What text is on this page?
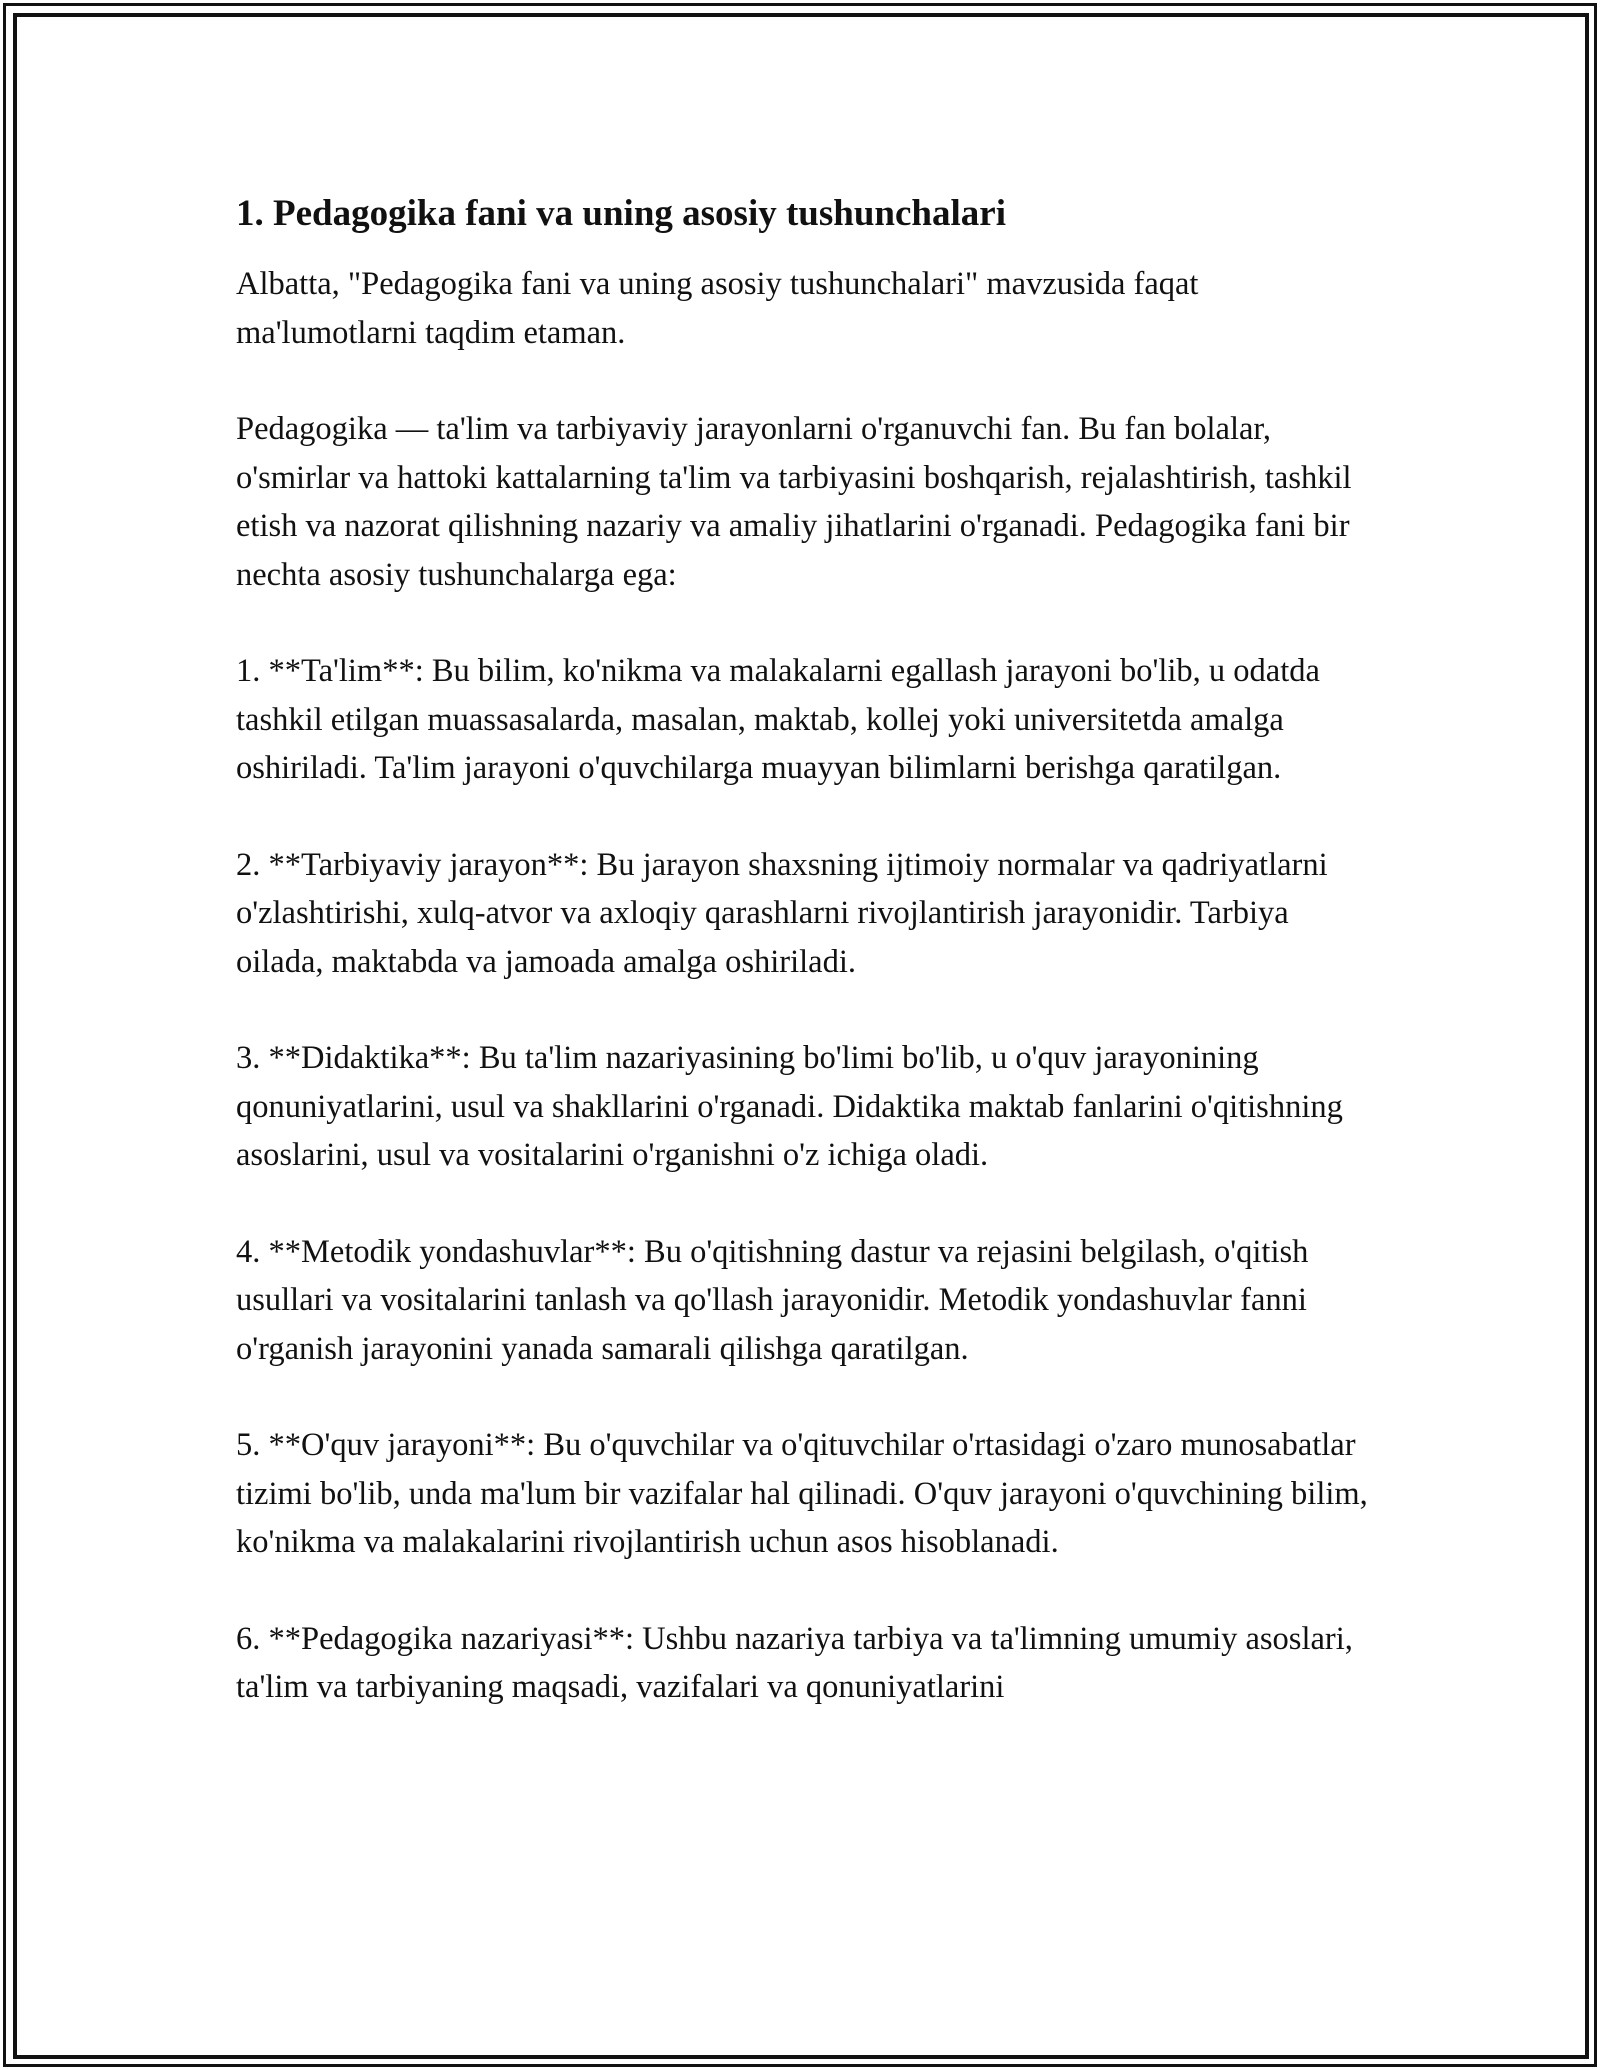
1. Pedagogika fani va uning asosiy tushunchalari

Albatta, "Pedagogika fani va uning asosiy tushunchalari" mavzusida faqat ma'lumotlarni taqdim etaman.

Pedagogika — ta'lim va tarbiyaviy jarayonlarni o'rganuvchi fan. Bu fan bolalar, o'smirlar va hattoki kattalarning ta'lim va tarbiyasini boshqarish, rejalashtirish, tashkil etish va nazorat qilishning nazariy va amaliy jihatlarini o'rganadi. Pedagogika fani bir nechta asosiy tushunchalarga ega:

1. **Ta'lim**: Bu bilim, ko'nikma va malakalarni egallash jarayoni bo'lib, u odatda tashkil etilgan muassasalarda, masalan, maktab, kollej yoki universitetda amalga oshiriladi. Ta'lim jarayoni o'quvchilarga muayyan bilimlarni berishga qaratilgan.

2. **Tarbiyaviy jarayon**: Bu jarayon shaxsning ijtimoiy normalar va qadriyatlarni o'zlashtirishi, xulq-atvor va axloqiy qarashlarni rivojlantirish jarayonidir. Tarbiya oilada, maktabda va jamoada amalga oshiriladi.

3. **Didaktika**: Bu ta'lim nazariyasining bo'limi bo'lib, u o'quv jarayonining qonuniyatlarini, usul va shakllarini o'rganadi. Didaktika maktab fanlarini o'qitishning asoslarini, usul va vositalarini o'rganishni o'z ichiga oladi.

4. **Metodik yondashuvlar**: Bu o'qitishning dastur va rejasini belgilash, o'qitish usullari va vositalarini tanlash va qo'llash jarayonidir. Metodik yondashuvlar fanni o'rganish jarayonini yanada samarali qilishga qaratilgan.

5. **O'quv jarayoni**: Bu o'quvchilar va o'qituvchilar o'rtasidagi o'zaro munosabatlar tizimi bo'lib, unda ma'lum bir vazifalar hal qilinadi. O'quv jarayoni o'quvchining bilim, ko'nikma va malakalarini rivojlantirish uchun asos hisoblanadi.

6. **Pedagogika nazariyasi**: Ushbu nazariya tarbiya va ta'limning umumiy asoslari, ta'lim va tarbiyaning maqsadi, vazifalari va qonuniyatlarini
